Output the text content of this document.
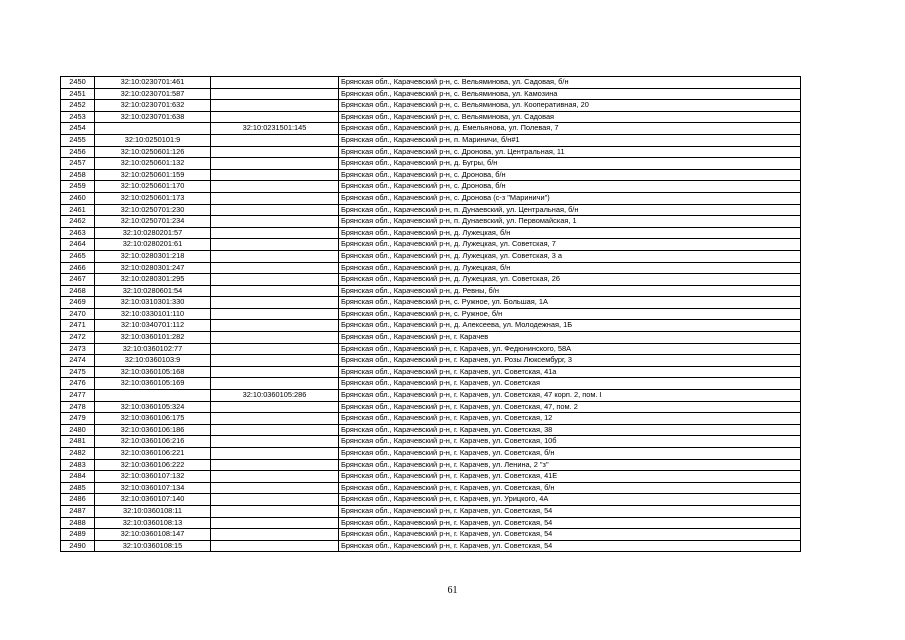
2450	32:10:0230701:461		Брянская обл., Карачевский р-н, с. Вельяминова, ул. Садовая, б/н
2451	32:10:0230701:587		Брянская обл., Карачевский р-н, с. Вельяминова, ул. Камозина
2452	32:10:0230701:632		Брянская обл., Карачевский р-н, с. Вельяминова, ул. Кооперативная, 20
2453	32:10:0230701:638		Брянская обл., Карачевский р-н, с. Вельяминова, ул. Садовая
2454		32:10:0231501:145	Брянская обл., Карачевский р-н, д. Емельянова, ул. Полевая, 7
2455	32:10:0250101:9		Брянская обл., Карачевский р-н, п. Мариничи, б/н#1
2456	32:10:0250601:126		Брянская обл., Карачевский р-н, с. Дронова, ул. Центральная, 11
2457	32:10:0250601:132		Брянская обл., Карачевский р-н, д. Бугры, б/н
2458	32:10:0250601:159		Брянская обл., Карачевский р-н, с. Дронова, б/н
2459	32:10:0250601:170		Брянская обл., Карачевский р-н, с. Дронова, б/н
2460	32:10:0250601:173		Брянская обл., Карачевский р-н, с. Дронова (с-з "Мариничи")
2461	32:10:0250701:230		Брянская обл., Карачевский р-н, п. Дунаевский, ул. Центральная, б/н
2462	32:10:0250701:234		Брянская обл., Карачевский р-н, п. Дунаевский, ул. Первомайская, 1
2463	32:10:0280201:57		Брянская обл., Карачевский р-н, д. Лужецкая, б/н
2464	32:10:0280201:61		Брянская обл., Карачевский р-н, д. Лужецкая, ул. Советская, 7
2465	32:10:0280301:218		Брянская обл., Карачевский р-н, д. Лужецкая, ул. Советская, 3 а
2466	32:10:0280301:247		Брянская обл., Карачевский р-н, д. Лужецкая, б/н
2467	32:10:0280301:295		Брянская обл., Карачевский р-н, д. Лужецкая, ул. Советская, 26
2468	32:10:0280601:54		Брянская обл., Карачевский р-н, д. Ревны, б/н
2469	32:10:0310301:330		Брянская обл., Карачевский р-н, с. Ружное, ул. Большая, 1А
2470	32:10:0330101:110		Брянская обл., Карачевский р-н, с. Ружное, б/н
2471	32:10:0340701:112		Брянская обл., Карачевский р-н, д. Алексеева, ул. Молодежная, 1Б
2472	32:10:0360101:282		Брянская обл., Карачевский р-н, г. Карачев
2473	32:10:0360102:77		Брянская обл., Карачевский р-н, г. Карачев, ул. Федюнинского, 58А
2474	32:10:0360103:9		Брянская обл., Карачевский р-н, г. Карачев, ул. Розы Люксембург, 3
2475	32:10:0360105:168		Брянская обл., Карачевский р-н, г. Карачев, ул. Советская, 41а
2476	32:10:0360105:169		Брянская обл., Карачевский р-н, г. Карачев, ул. Советская
2477		32:10:0360105:286	Брянская обл., Карачевский р-н, г. Карачев, ул. Советская, 47 корп. 2, пом. I
2478	32:10:0360105:324		Брянская обл., Карачевский р-н, г. Карачев, ул. Советская, 47, пом. 2
2479	32:10:0360106:175		Брянская обл., Карачевский р-н, г. Карачев, ул. Советская, 12
2480	32:10:0360106:186		Брянская обл., Карачевский р-н, г. Карачев, ул. Советская, 38
2481	32:10:0360106:216		Брянская обл., Карачевский р-н, г. Карачев, ул. Советская, 10б
2482	32:10:0360106:221		Брянская обл., Карачевский р-н, г. Карачев, ул. Советская, б/н
2483	32:10:0360106:222		Брянская обл., Карачевский р-н, г. Карачев, ул. Ленина, 2 "з"
2484	32:10:0360107:132		Брянская обл., Карачевский р-н, г. Карачев, ул. Советская, 41Е
2485	32:10:0360107:134		Брянская обл., Карачевский р-н, г. Карачев, ул. Советская, б/н
2486	32:10:0360107:140		Брянская обл., Карачевский р-н, г. Карачев, ул. Урицкого, 4А
2487	32:10:0360108:11		Брянская обл., Карачевский р-н, г. Карачев, ул. Советская, 54
2488	32:10:0360108:13		Брянская обл., Карачевский р-н, г. Карачев, ул. Советская, 54
2489	32:10:0360108:147		Брянская обл., Карачевский р-н, г. Карачев, ул. Советская, 54
2490	32:10:0360108:15		Брянская обл., Карачевский р-н, г. Карачев, ул. Советская, 54
61
